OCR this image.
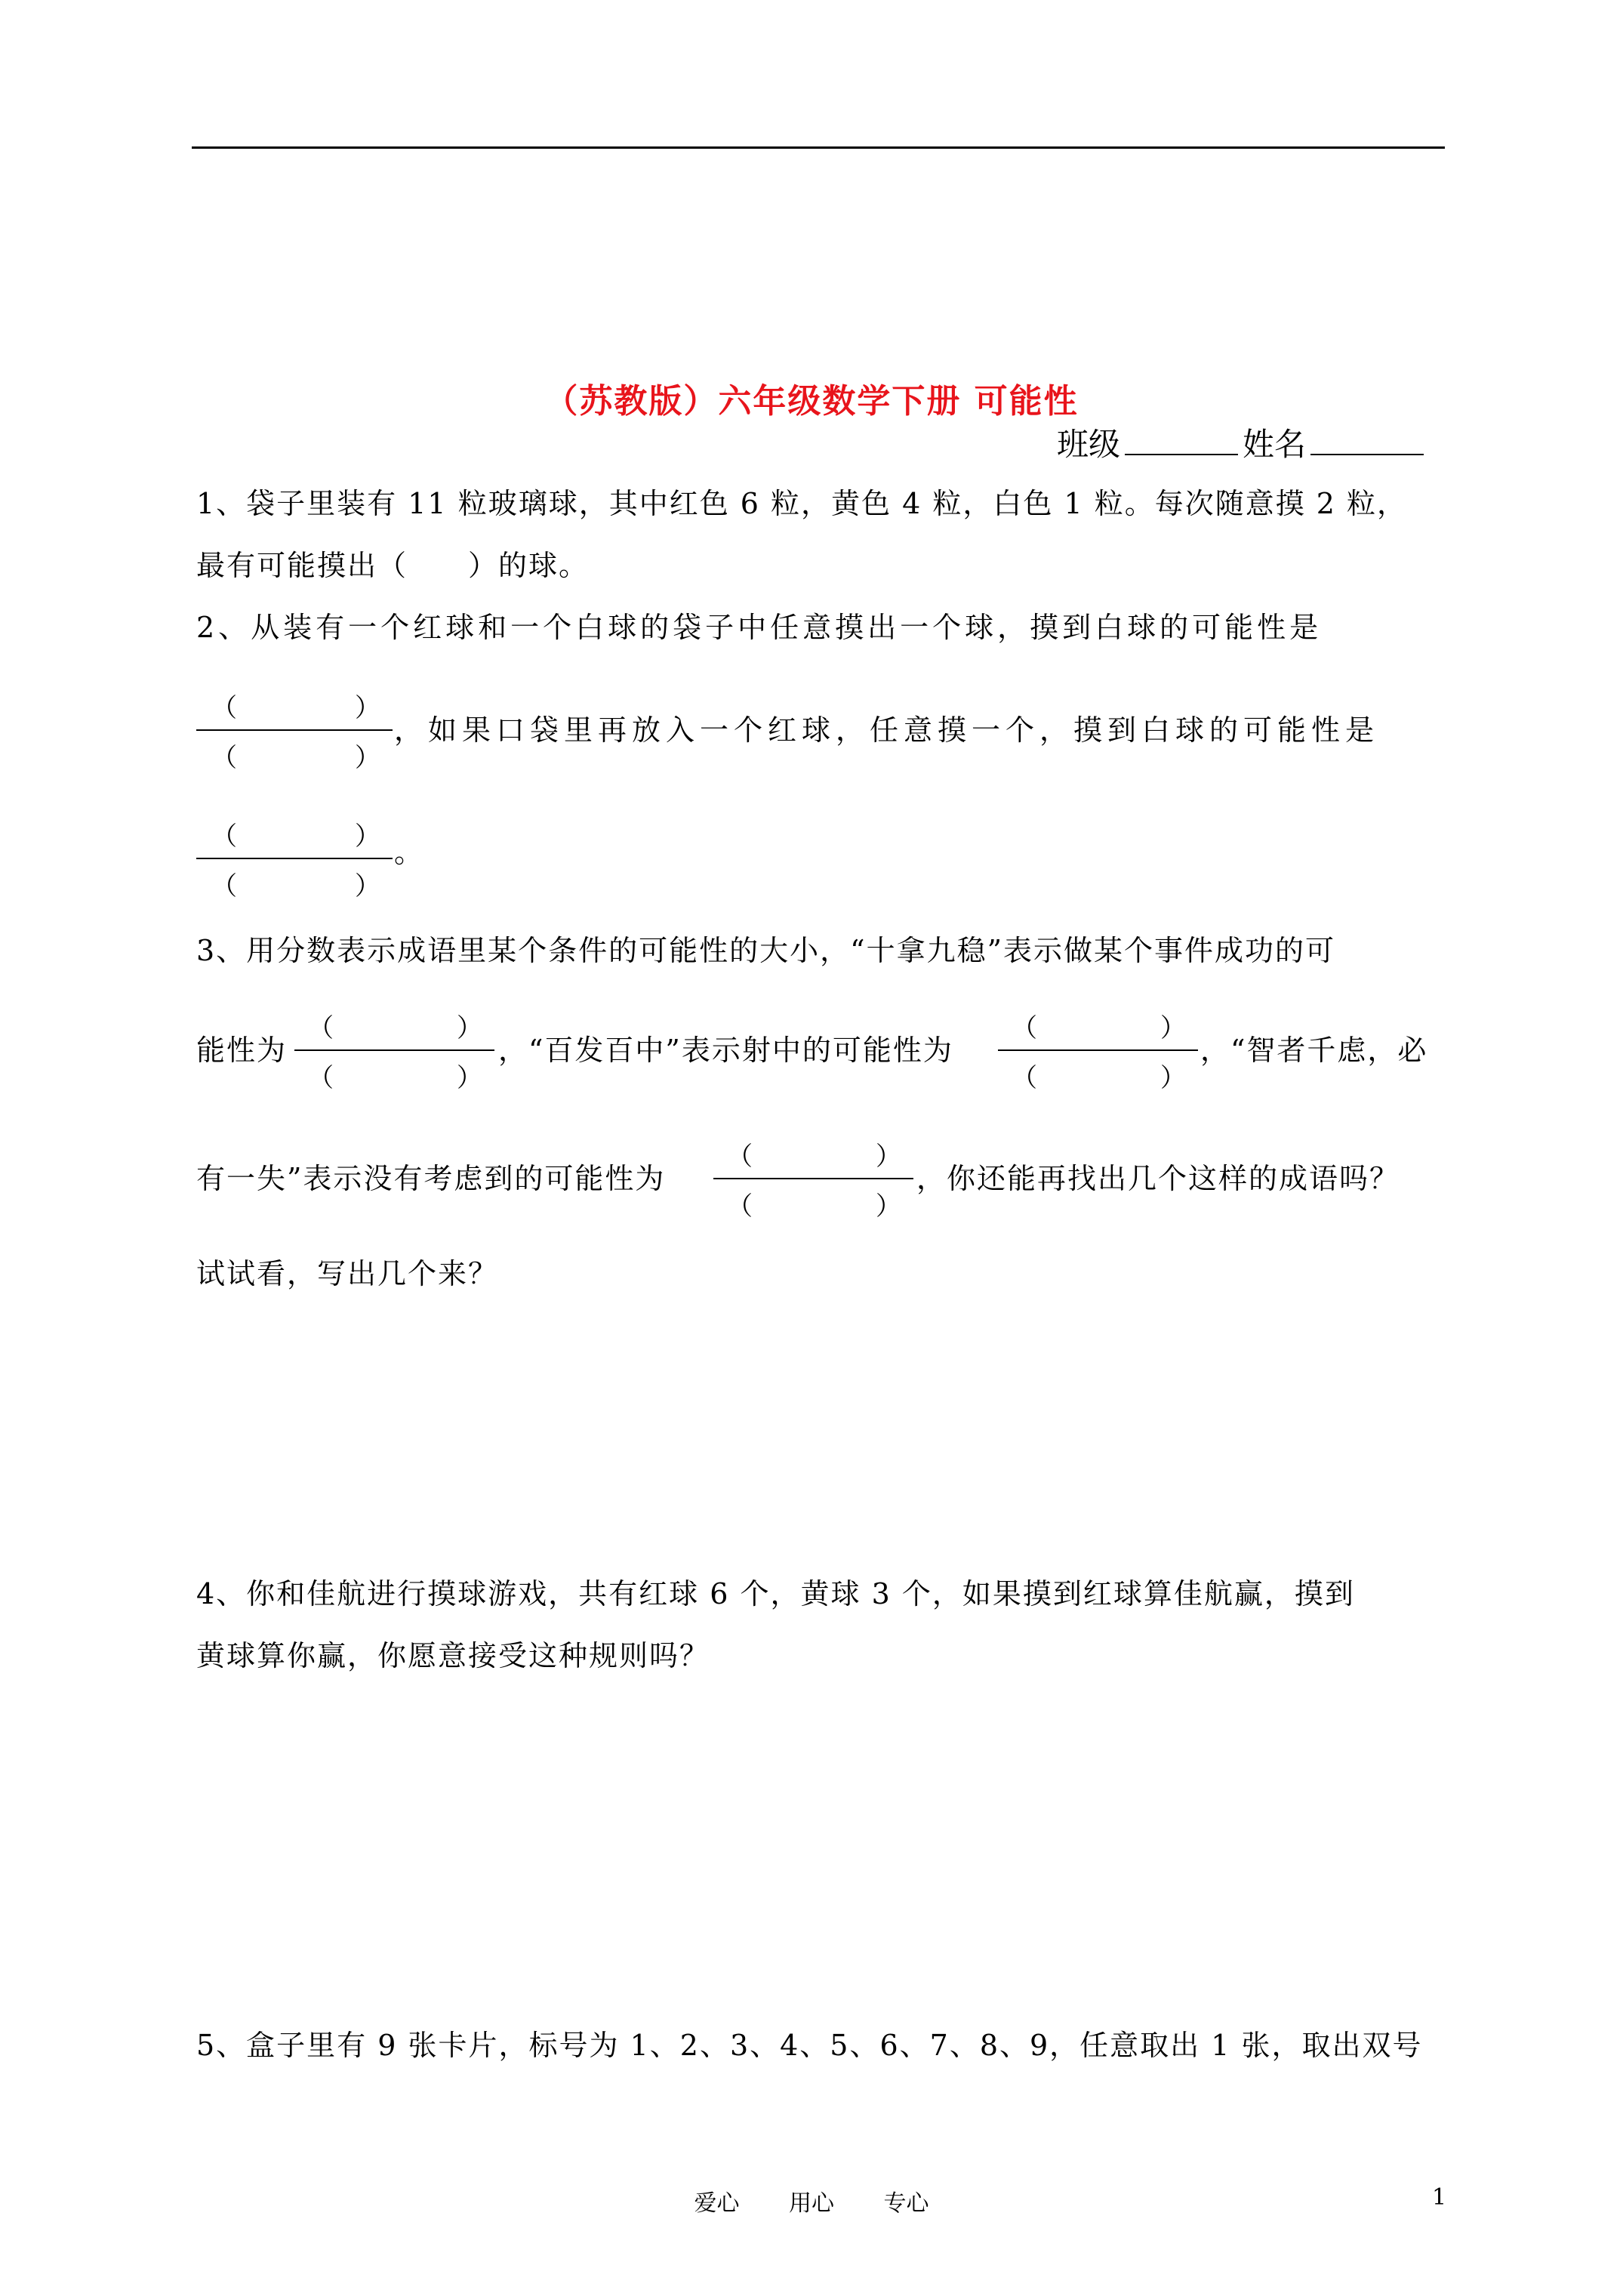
（苏教版）六年级数学下册 可能性
班级	姓名
1、袋子里装有 11 粒玻璃球，其中红色 6 粒，黄色 4 粒，白色 1 粒。每次随意摸 2 粒，
最有可能摸出（　　）的球。
2、从装有一个红球和一个白球的袋子中任意摸出一个球，摸到白球的可能性是
（	）
（	）
，如果口袋里再放入一个红球，任意摸一个，摸到白球的可能性是
（	）
（	）
。
3、用分数表示成语里某个条件的可能性的大小，“十拿九稳”表示做某个事件成功的可
能性为
（	）
（	）
，“百发百中”表示射中的可能性为
（	）
（	）
，“智者千虑，必
有一失”表示没有考虑到的可能性为
（	）
（	）
，你还能再找出几个这样的成语吗？
试试看，写出几个来？
4、你和佳航进行摸球游戏，共有红球 6 个，黄球 3 个，如果摸到红球算佳航赢，摸到
黄球算你赢，你愿意接受这种规则吗？
5、盒子里有 9 张卡片，标号为 1、2、3、4、5、6、7、8、9，任意取出 1 张，取出双号
爱心 用心 专心	1
